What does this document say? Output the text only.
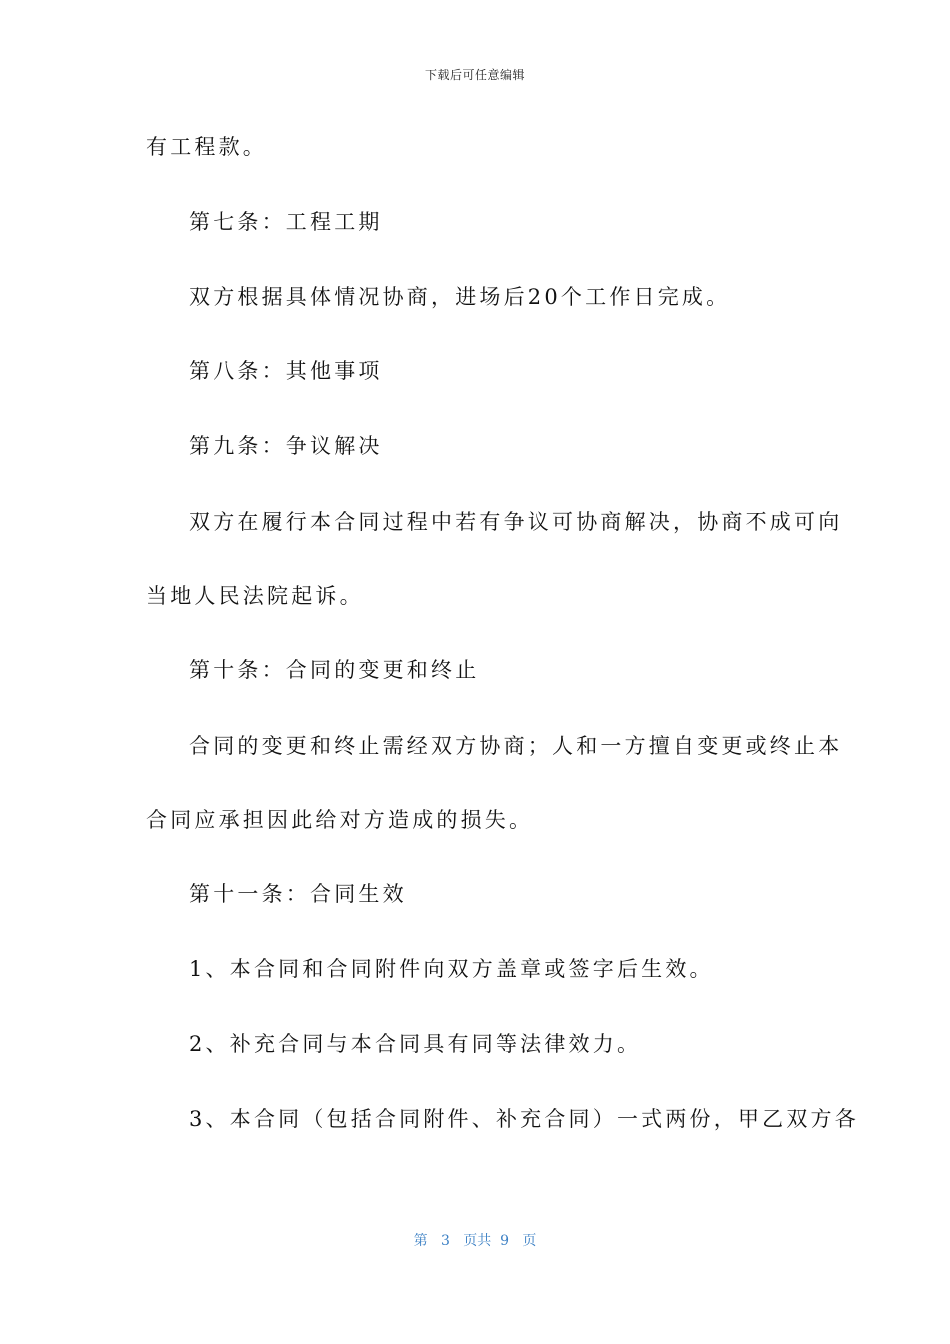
下载后可任意编辑
有工程款。
第七条：工程工期
双方根据具体情况协商，进场后20个工作日完成。
第八条：其他事项
第九条：争议解决
双方在履行本合同过程中若有争议可协商解决，协商不成可向
当地人民法院起诉。
第十条：合同的变更和终止
合同的变更和终止需经双方协商；人和一方擅自变更或终止本
合同应承担因此给对方造成的损失。
第十一条：合同生效
1、本合同和合同附件向双方盖章或签字后生效。
2、补充合同与本合同具有同等法律效力。
3、本合同（包括合同附件、补充合同）一式两份，甲乙双方各
第 3 页共 9 页
